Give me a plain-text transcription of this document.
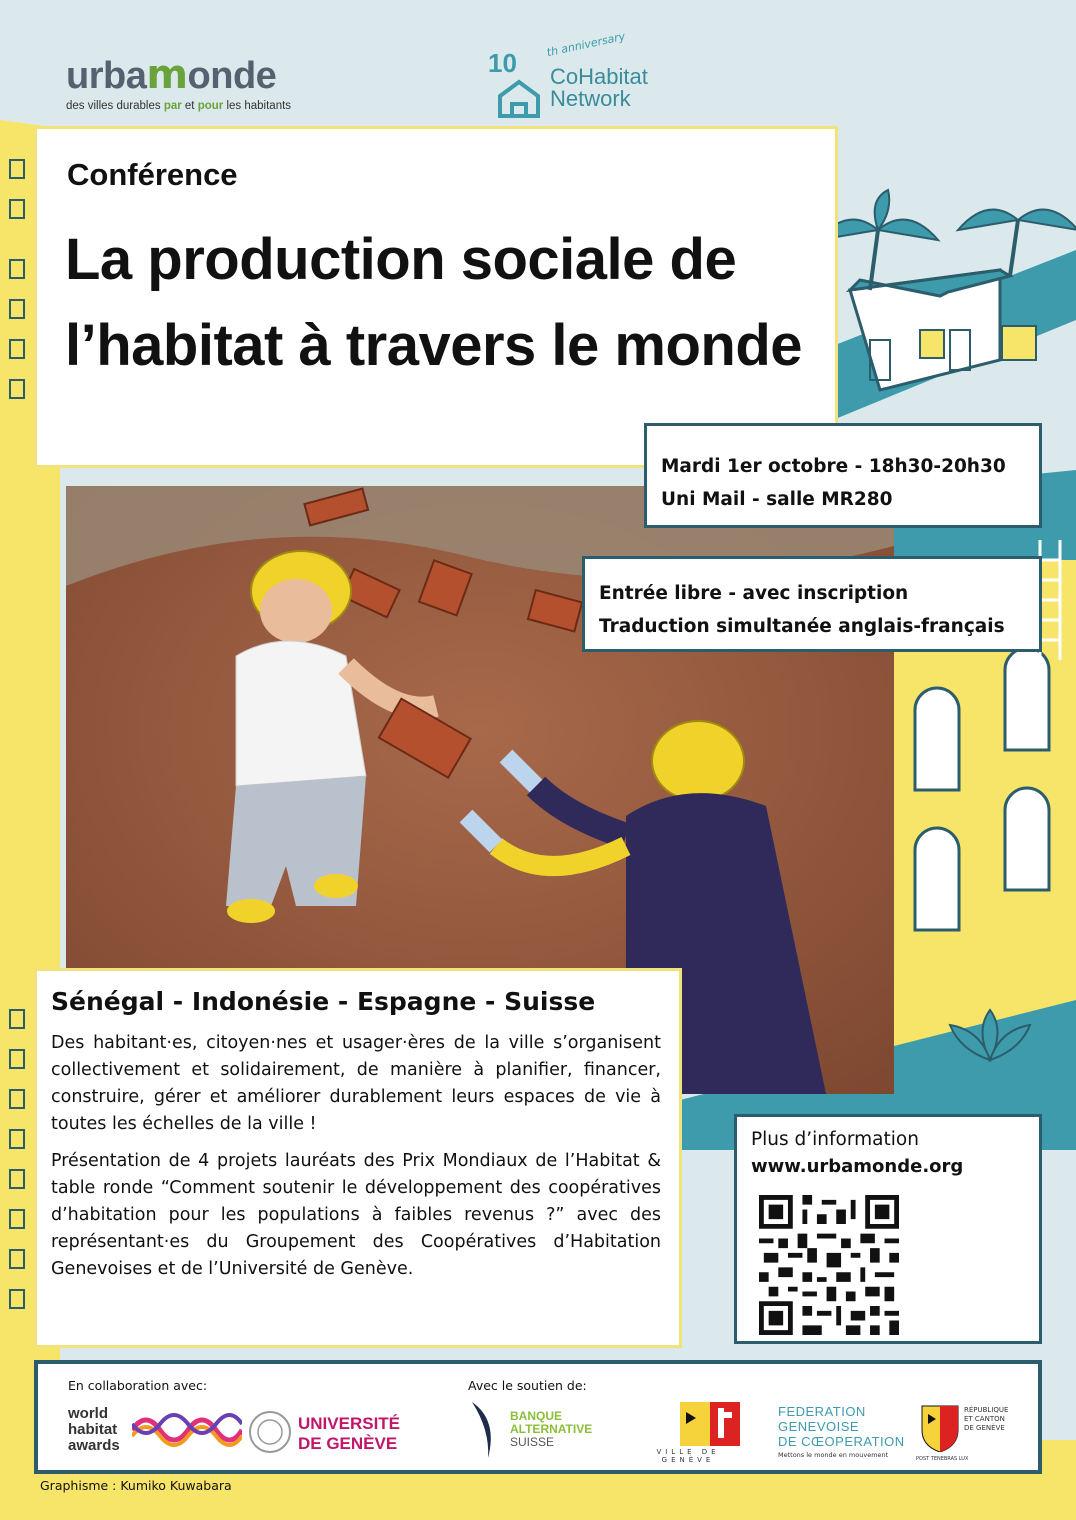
urbamonde
des villes durables par et pour les habitants
10
th anniversary
CoHabitat
Network
Conférence
La production sociale de l’habitat à travers le monde
Mardi 1er octobre - 18h30-20h30
Uni Mail - salle MR280
Entrée libre - avec inscription
Traduction simultanée anglais-français
Sénégal - Indonésie - Espagne - Suisse

Des habitant·es, citoyen·nes et usager·ères de la ville s’organisent collectivement et solidairement, de manière à planifier, financer, construire, gérer et améliorer durablement leurs espaces de vie à toutes les échelles de la ville !

Présentation de 4 projets lauréats des Prix Mondiaux de l’Habitat & table ronde “Comment soutenir le développement des coopératives d’habitation pour les populations à faibles revenus ?” avec des représentant·es du Groupement des Coopératives d’Habitation Genevoises et de l’Université de Genève.

Plus d’information
www.urbamonde.org
En collaboration avec:	Avec le soutien de:
world
habitat
awards
UNIVERSITÉ
DE GENÈVE
BANQUE
ALTERNATIVE
SUISSE
VILLE DE GENÈVE
FEDERATION
GENEVOISE
DE CŒOPERATION
Mettons le monde en mouvement
RÉPUBLIQUE
ET CANTON
DE GENÈVE
POST TENEBRAS LUX
Graphisme : Kumiko Kuwabara
